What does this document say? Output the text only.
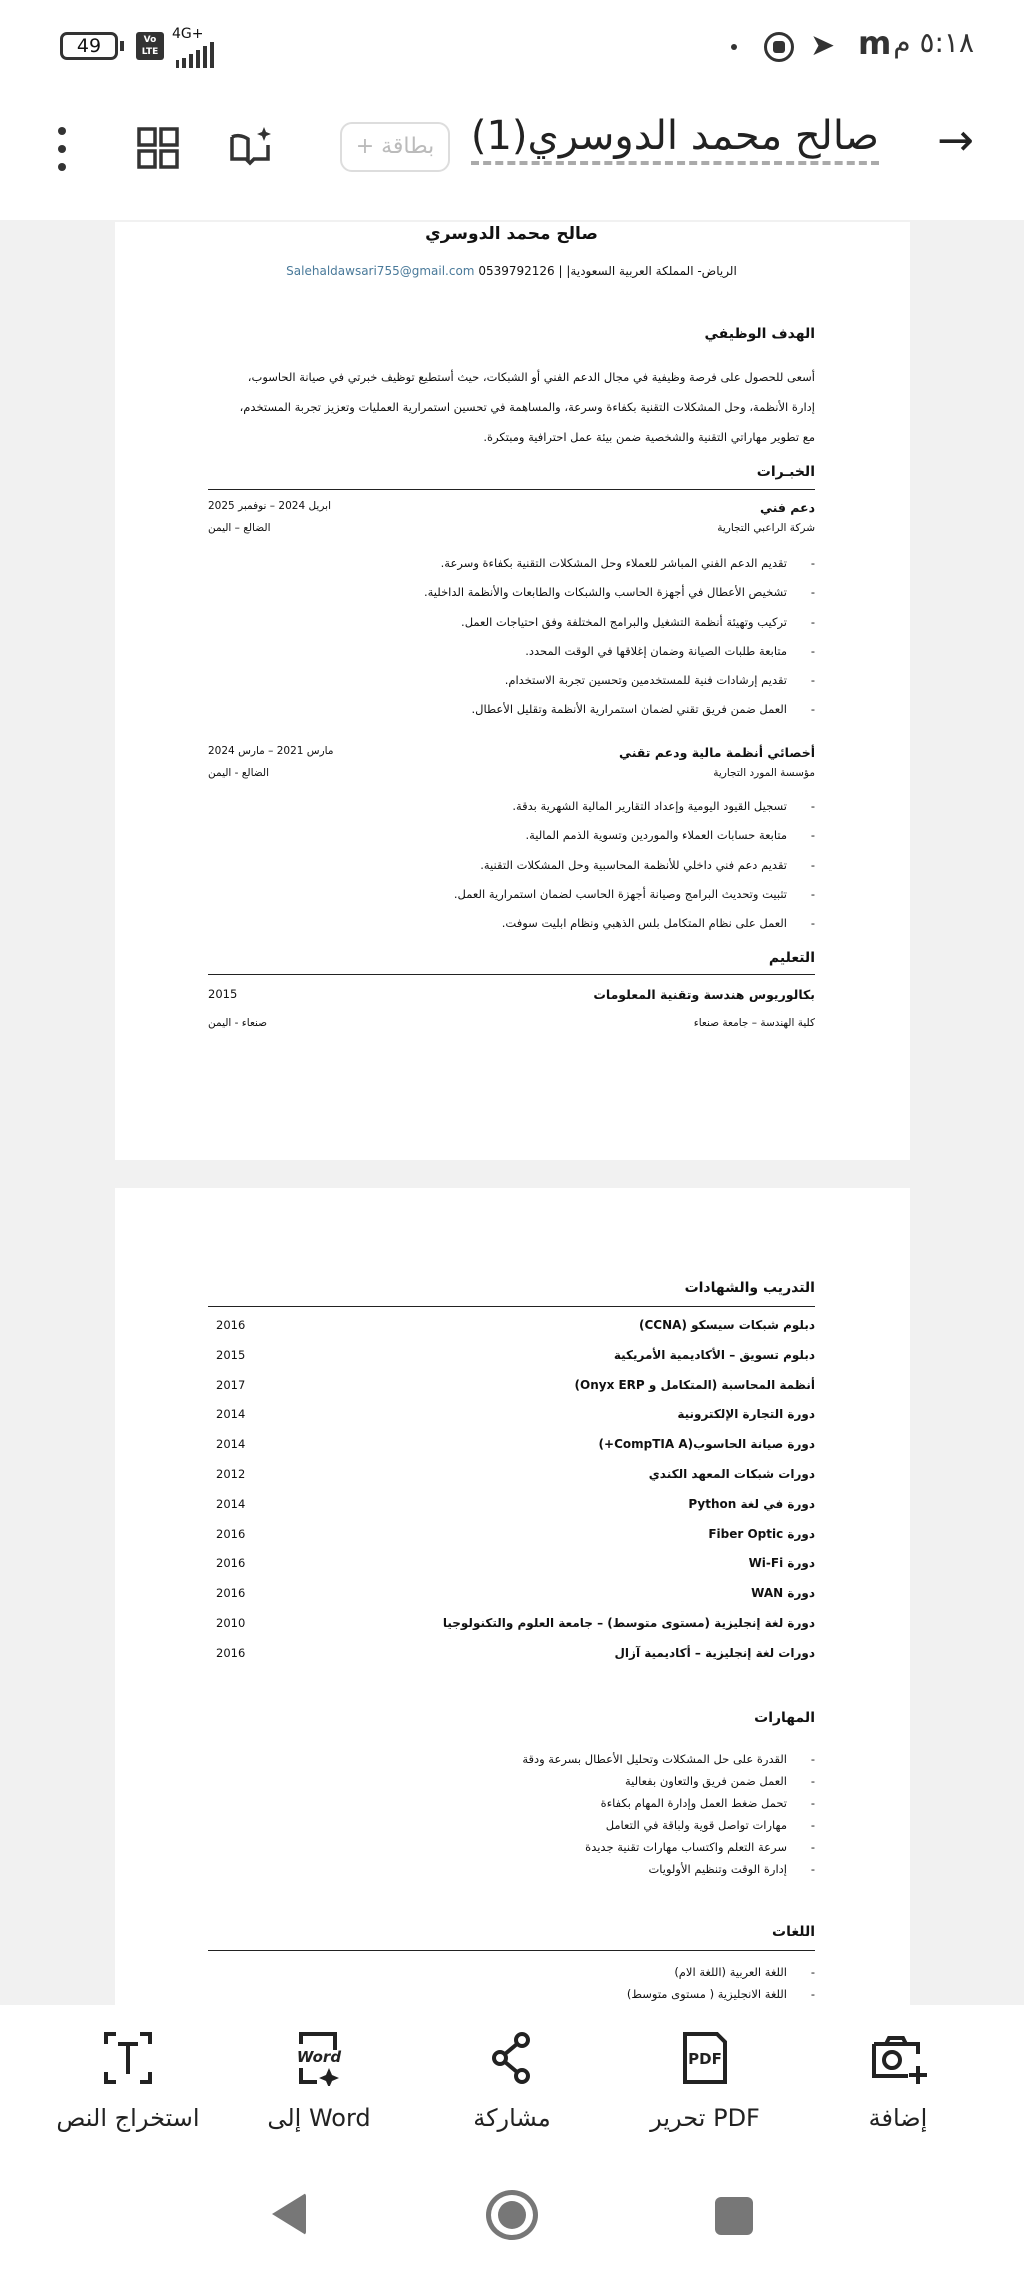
49	Vo LTE
4G+	➤ m ٥:١٨ م
→
صالح محمد الدوسري(1)
بطاقة +
صالح محمد الدوسري
Salehaldawsari755@gmail.com 0539792126 | الرياض- المملكة العربية السعودية|
الهدف الوظيفي
أسعى للحصول على فرصة وظيفية في مجال الدعم الفني أو الشبكات، حيث أستطيع توظيف خبرتي في صيانة الحاسوب،
إدارة الأنظمة، وحل المشكلات التقنية بكفاءة وسرعة، والمساهمة في تحسين استمرارية العمليات وتعزيز تجربة المستخدم،
مع تطوير مهاراتي التقنية والشخصية ضمن بيئة عمل احترافية ومبتكرة.
الخبـرات
دعم فني
ابريل 2024 – نوفمبر 2025
شركة الراعبي التجارية
الضالع – اليمن
- تقديم الدعم الفني المباشر للعملاء وحل المشكلات التقنية بكفاءة وسرعة.
- تشخيص الأعطال في أجهزة الحاسب والشبكات والطابعات والأنظمة الداخلية.
- تركيب وتهيئة أنظمة التشغيل والبرامج المختلفة وفق احتياجات العمل.
- متابعة طلبات الصيانة وضمان إغلاقها في الوقت المحدد.
- تقديم إرشادات فنية للمستخدمين وتحسين تجربة الاستخدام.
- العمل ضمن فريق تقني لضمان استمرارية الأنظمة وتقليل الأعطال.
أخصائي أنظمة مالية ودعم تقني
مارس 2021 – مارس 2024
مؤسسة المورد التجارية
الضالع - اليمن
- تسجيل القيود اليومية وإعداد التقارير المالية الشهرية بدقة.
- متابعة حسابات العملاء والموردين وتسوية الذمم المالية.
- تقديم دعم فني داخلي للأنظمة المحاسبية وحل المشكلات التقنية.
- تثبيت وتحديث البرامج وصيانة أجهزة الحاسب لضمان استمرارية العمل.
- العمل على نظام المتكامل بلس الذهبي ونظام ابليت سوفت.
التعليم
بكالوريوس هندسة وتقنية المعلومات
2015
كلية الهندسة – جامعة صنعاء
صنعاء - اليمن
التدريب والشهادات
المهارات
- القدرة على حل المشكلات وتحليل الأعطال بسرعة ودقة
- العمل ضمن فريق والتعاون بفعالية
- تحمل ضغط العمل وإدارة المهام بكفاءة
- مهارات تواصل قوية ولباقة في التعامل
- سرعة التعلم واكتساب مهارات تقنية جديدة
- إدارة الوقت وتنظيم الأولويات
اللغات
- اللغة العربية (اللغة الام)
- اللغة الانجليزية ( مستوى متوسط)
دبلوم شبكات سيسكو (CCNA)
2016
دبلوم تسويق – الأكاديمية الأمريكية
2015
أنظمة المحاسبة (المتكامل و Onyx ERP)
2017
دورة التجارة الإلكترونية
2014
دورة صيانة الحاسوب(CompTIA A+)
2014
دورات شبكات المعهد الكندي
2012
دورة في لغة Python
2014
دورة Fiber Optic
2016
دورة Wi-Fi
2016
دورة WAN
2016
دورة لغة إنجليزية (مستوى متوسط) – جامعة العلوم والتكنولوجيا
2010
دورات لغة إنجليزية – أكاديمية آزال
2016
إضافة
PDF
تحرير PDF
مشاركة
Word
إلى Word
استخراج النص
